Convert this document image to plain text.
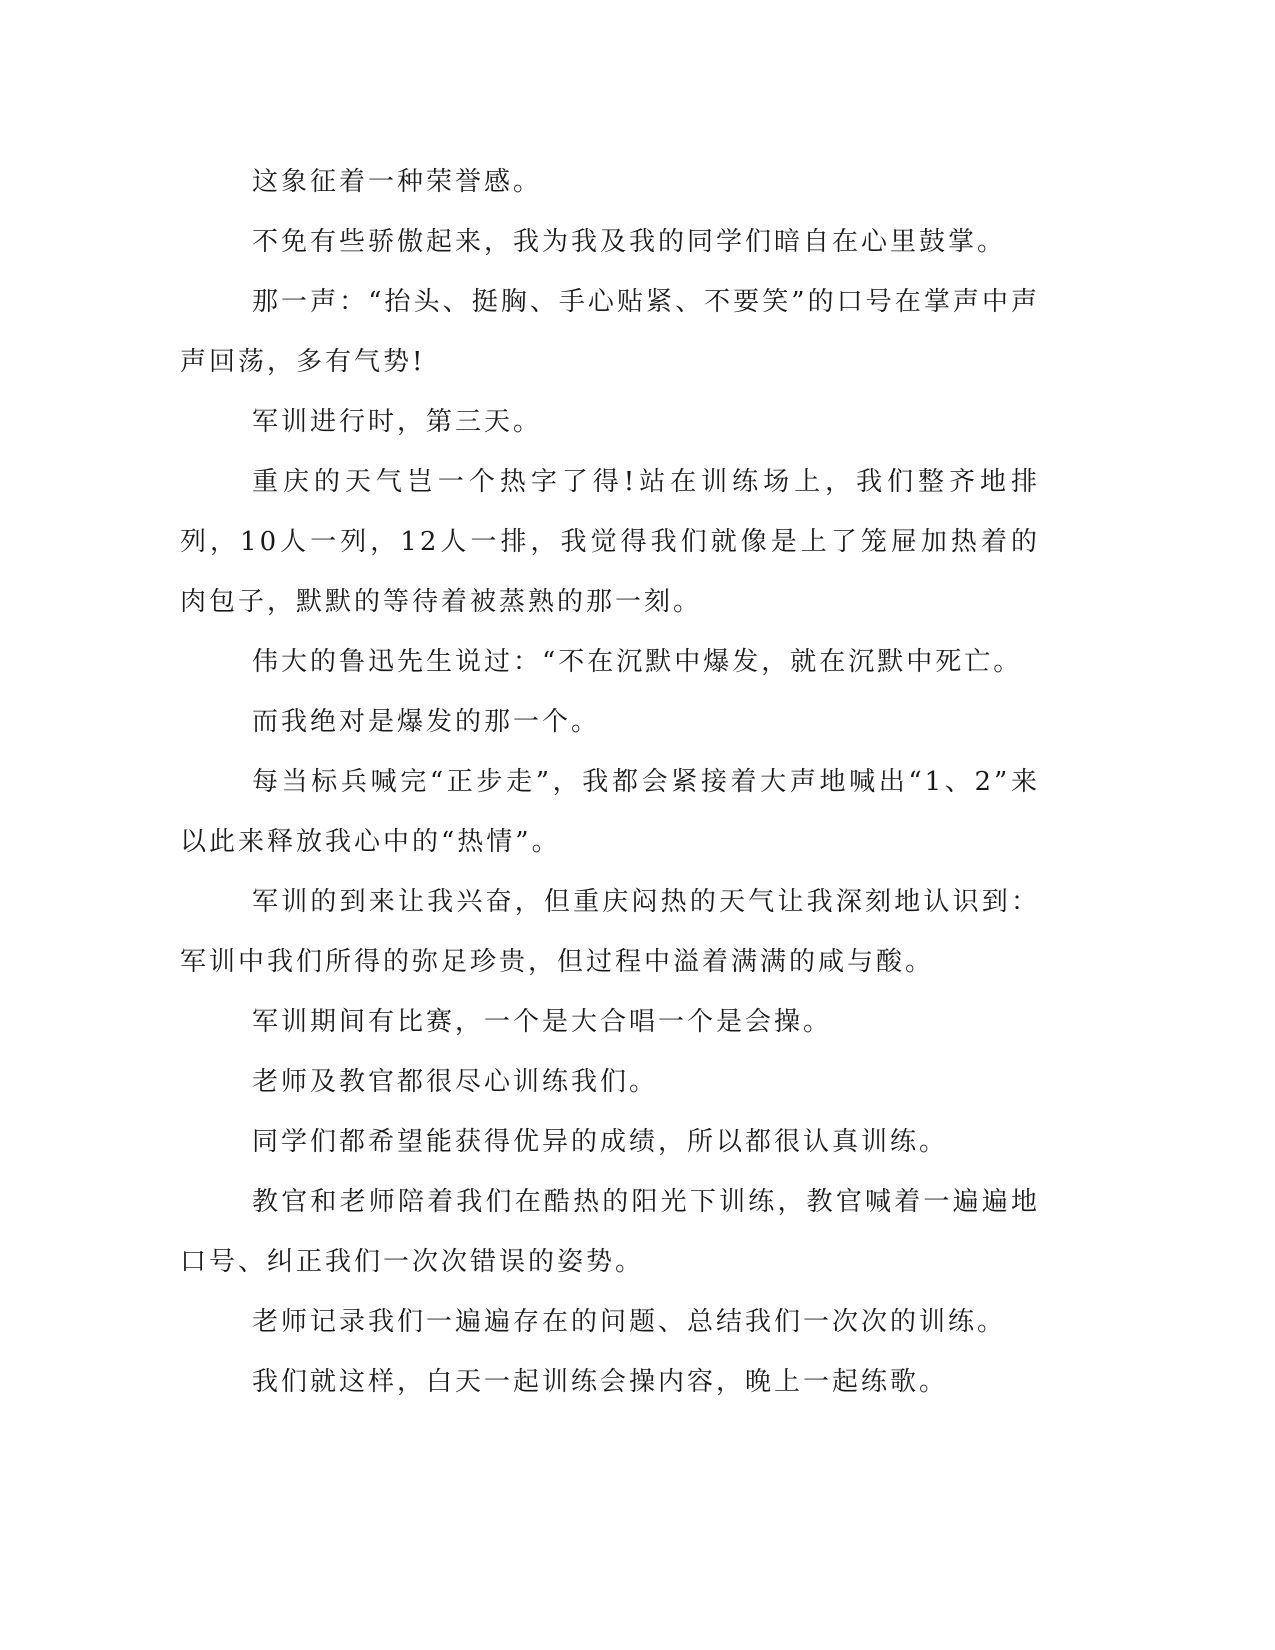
这象征着一种荣誉感。

不免有些骄傲起来，我为我及我的同学们暗自在心里鼓掌。

那一声：“抬头、挺胸、手心贴紧、不要笑”的口号在掌声中声声回荡，多有气势!

军训进行时，第三天。

重庆的天气岂一个热字了得!站在训练场上，我们整齐地排列，10人一列，12人一排，我觉得我们就像是上了笼屉加热着的肉包子，默默的等待着被蒸熟的那一刻。

伟大的鲁迅先生说过：“不在沉默中爆发，就在沉默中死亡。

而我绝对是爆发的那一个。

每当标兵喊完“正步走”，我都会紧接着大声地喊出“1、2”来以此来释放我心中的“热情”。

军训的到来让我兴奋，但重庆闷热的天气让我深刻地认识到：军训中我们所得的弥足珍贵，但过程中溢着满满的咸与酸。

军训期间有比赛，一个是大合唱一个是会操。

老师及教官都很尽心训练我们。

同学们都希望能获得优异的成绩，所以都很认真训练。

教官和老师陪着我们在酷热的阳光下训练，教官喊着一遍遍地口号、纠正我们一次次错误的姿势。

老师记录我们一遍遍存在的问题、总结我们一次次的训练。

我们就这样，白天一起训练会操内容，晚上一起练歌。
